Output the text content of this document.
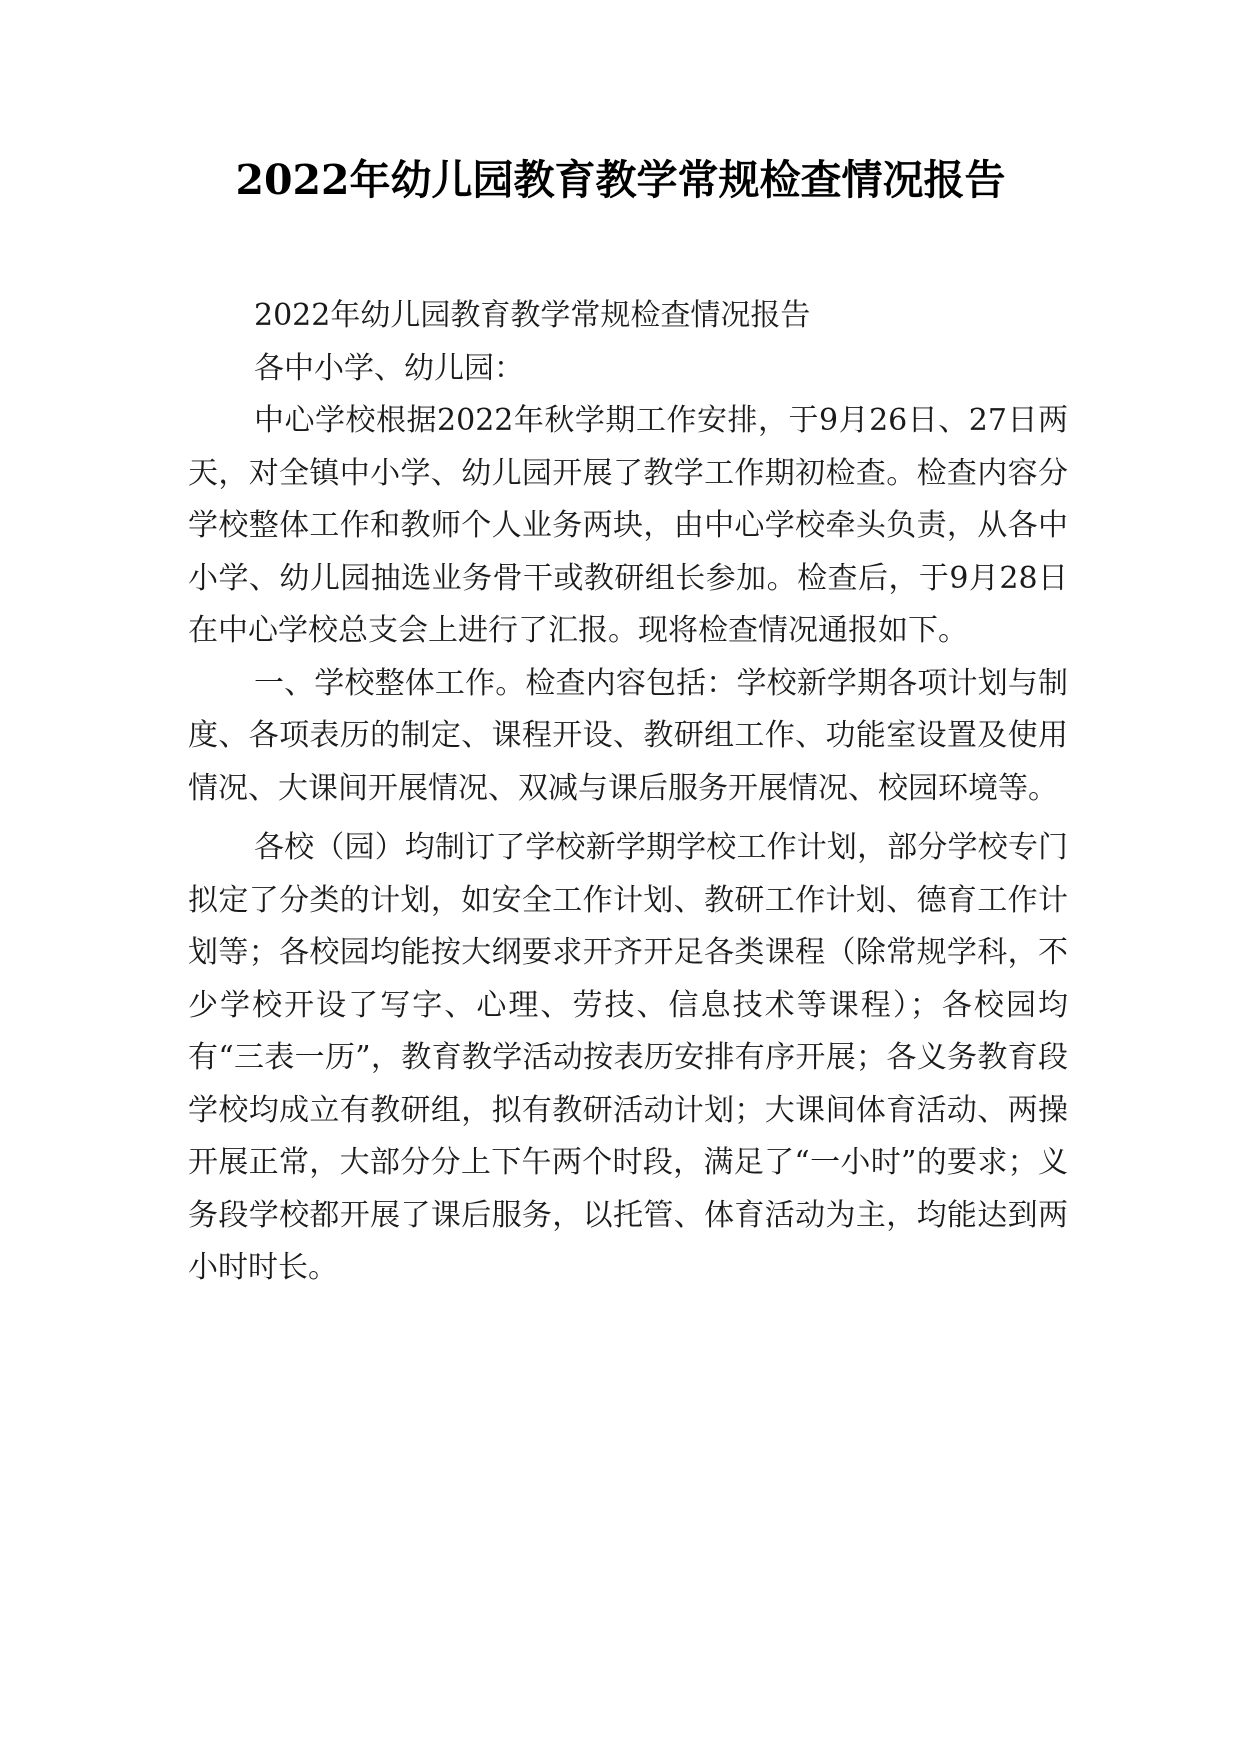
2022年幼儿园教育教学常规检查情况报告

2022年幼儿园教育教学常规检查情况报告

各中小学、幼儿园：

中心学校根据2022年秋学期工作安排，于9月26日、27日两天，对全镇中小学、幼儿园开展了教学工作期初检查。检查内容分学校整体工作和教师个人业务两块，由中心学校牵头负责，从各中小学、幼儿园抽选业务骨干或教研组长参加。检查后，于9月28日在中心学校总支会上进行了汇报。现将检查情况通报如下。

一、学校整体工作。检查内容包括：学校新学期各项计划与制度、各项表历的制定、课程开设、教研组工作、功能室设置及使用情况、大课间开展情况、双减与课后服务开展情况、校园环境等。

各校（园）均制订了学校新学期学校工作计划，部分学校专门拟定了分类的计划，如安全工作计划、教研工作计划、德育工作计划等；各校园均能按大纲要求开齐开足各类课程（除常规学科，不少学校开设了写字、心理、劳技、信息技术等课程）；各校园均有“三表一历”，教育教学活动按表历安排有序开展；各义务教育段学校均成立有教研组，拟有教研活动计划；大课间体育活动、两操开展正常，大部分分上下午两个时段，满足了“一小时”的要求；义务段学校都开展了课后服务，以托管、体育活动为主，均能达到两小时时长。
